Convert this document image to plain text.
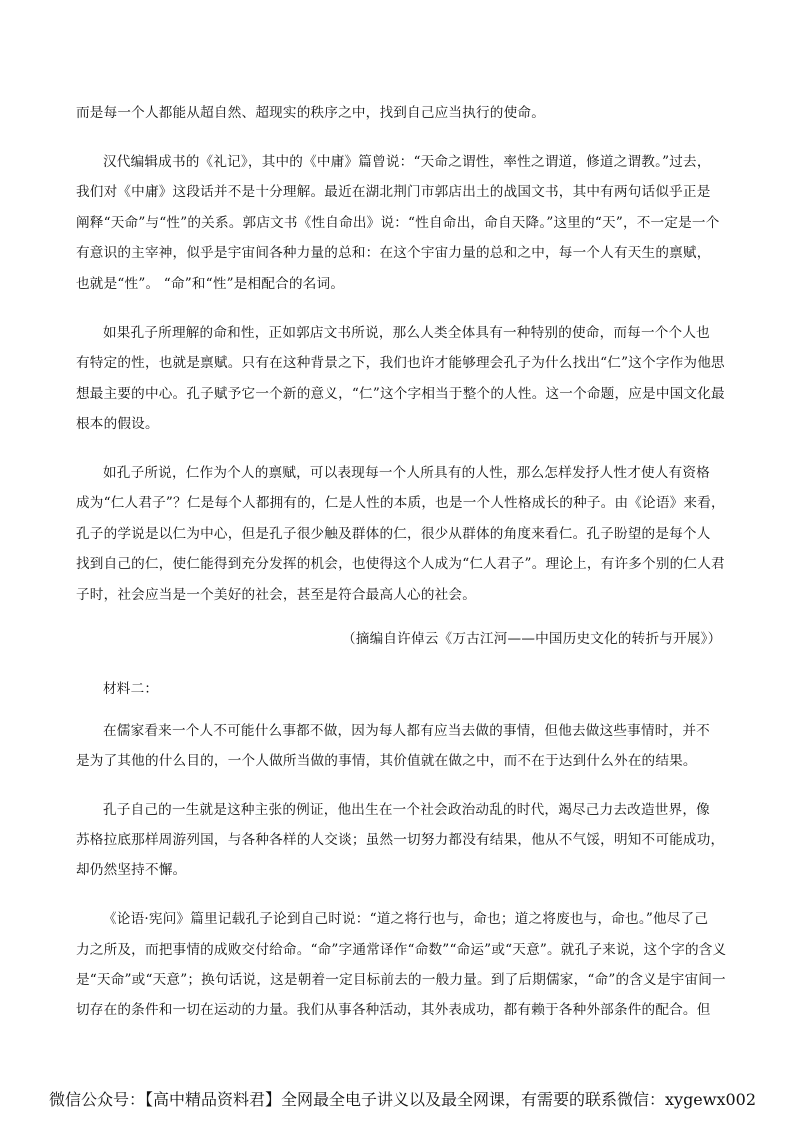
而是每一个人都能从超自然、超现实的秩序之中，找到自己应当执行的使命。
汉代编辑成书的《礼记》，其中的《中庸》篇曾说：“天命之谓性，率性之谓道，修道之谓教。”过去，
我们对《中庸》这段话并不是十分理解。最近在湖北荆门市郭店出土的战国文书，其中有两句话似乎正是
阐释“天命”与“性”的关系。郭店文书《性自命出》说：“性自命出，命自天降。”这里的“天”，不一定是一个
有意识的主宰神，似乎是宇宙间各种力量的总和：在这个宇宙力量的总和之中，每一个人有天生的禀赋，
也就是“性”。 “命”和“性”是相配合的名词。
如果孔子所理解的命和性，正如郭店文书所说，那么人类全体具有一种特别的使命，而每一个个人也
有特定的性，也就是禀赋。只有在这种背景之下，我们也许才能够理会孔子为什么找出“仁”这个字作为他思
想最主要的中心。孔子赋予它一个新的意义，“仁”这个字相当于整个的人性。这一个命题，应是中国文化最
根本的假设。
如孔子所说，仁作为个人的禀赋，可以表现每一个人所具有的人性，那么怎样发抒人性才使人有资格
成为“仁人君子”？仁是每个人都拥有的，仁是人性的本质，也是一个人性格成长的种子。由《论语》来看，
孔子的学说是以仁为中心，但是孔子很少触及群体的仁，很少从群体的角度来看仁。孔子盼望的是每个人
找到自己的仁，使仁能得到充分发挥的机会，也使得这个人成为“仁人君子”。理论上，有许多个别的仁人君
子时，社会应当是一个美好的社会，甚至是符合最高人心的社会。
（摘编自许倬云《万古江河——中国历史文化的转折与开展》）
材料二：
在儒家看来一个人不可能什么事都不做，因为每人都有应当去做的事情，但他去做这些事情时，并不
是为了其他的什么目的，一个人做所当做的事情，其价值就在做之中，而不在于达到什么外在的结果。
孔子自己的一生就是这种主张的例证，他出生在一个社会政治动乱的时代，竭尽己力去改造世界，像
苏格拉底那样周游列国，与各种各样的人交谈；虽然一切努力都没有结果，他从不气馁，明知不可能成功，
却仍然坚持不懈。
《论语·宪问》篇里记载孔子论到自己时说：“道之将行也与，命也；道之将废也与，命也。”他尽了己
力之所及，而把事情的成败交付给命。“命”字通常译作“命数”“命运”或“天意”。就孔子来说，这个字的含义
是“天命”或“天意”；换句话说，这是朝着一定目标前去的一般力量。到了后期儒家，“命”的含义是宇宙间一
切存在的条件和一切在运动的力量。我们从事各种活动，其外表成功，都有赖于各种外部条件的配合。但
微信公众号：【高中精品资料君】全网最全电子讲义以及最全网课，有需要的联系微信：xygewx002
